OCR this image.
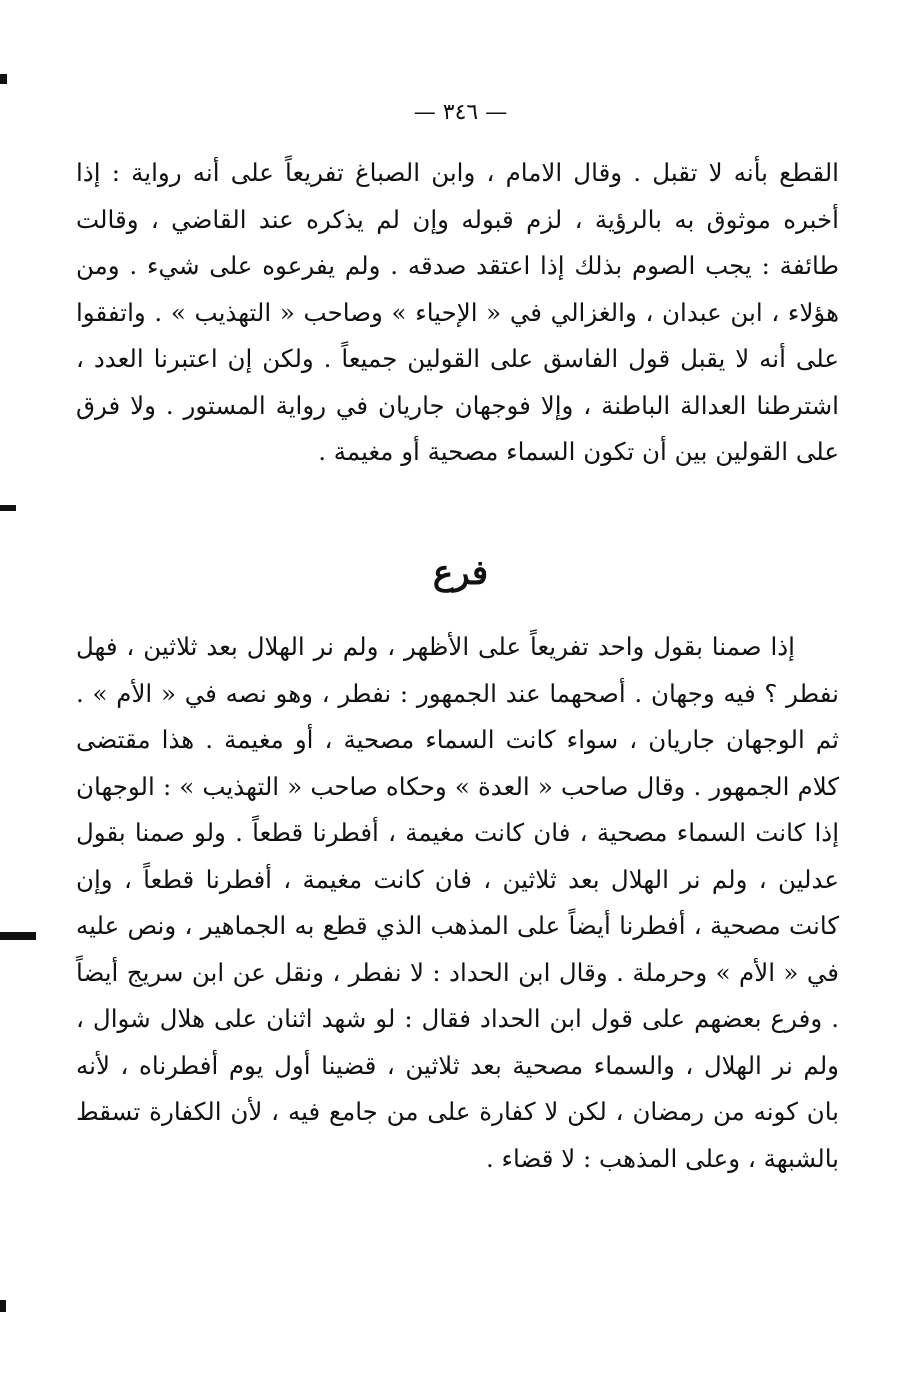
— ٣٤٦ —

القطع بأنه لا تقبل . وقال الامام ، وابن الصباغ تفريعاً على أنه رواية : إذا أخبره موثوق به بالرؤية ، لزم قبوله وإن لم يذكره عند القاضي ، وقالت طائفة : يجب الصوم بذلك إذا اعتقد صدقه . ولم يفرعوه على شيء . ومن هؤلاء ، ابن عبدان ، والغزالي في « الإحياء » وصاحب « التهذيب » . واتفقوا على أنه لا يقبل قول الفاسق على القولين جميعاً . ولكن إن اعتبرنا العدد ، اشترطنا العدالة الباطنة ، وإلا فوجهان جاريان في رواية المستور . ولا فرق على القولين بين أن تكون السماء مصحية أو مغيمة .

فرع

إذا صمنا بقول واحد تفريعاً على الأظهر ، ولم نر الهلال بعد ثلاثين ، فهل نفطر ؟ فيه وجهان . أصحهما عند الجمهور : نفطر ، وهو نصه في « الأم » . ثم الوجهان جاريان ، سواء كانت السماء مصحية ، أو مغيمة . هذا مقتضى كلام الجمهور . وقال صاحب « العدة » وحكاه صاحب « التهذيب » : الوجهان إذا كانت السماء مصحية ، فان كانت مغيمة ، أفطرنا قطعاً . ولو صمنا بقول عدلين ، ولم نر الهلال بعد ثلاثين ، فان كانت مغيمة ، أفطرنا قطعاً ، وإن كانت مصحية ، أفطرنا أيضاً على المذهب الذي قطع به الجماهير ، ونص عليه في « الأم » وحرملة . وقال ابن الحداد : لا نفطر ، ونقل عن ابن سريج أيضاً . وفرع بعضهم على قول ابن الحداد فقال : لو شهد اثنان على هلال شوال ، ولم نر الهلال ، والسماء مصحية بعد ثلاثين ، قضينا أول يوم أفطرناه ، لأنه بان كونه من رمضان ، لكن لا كفارة على من جامع فيه ، لأن الكفارة تسقط بالشبهة ، وعلى المذهب : لا قضاء .
